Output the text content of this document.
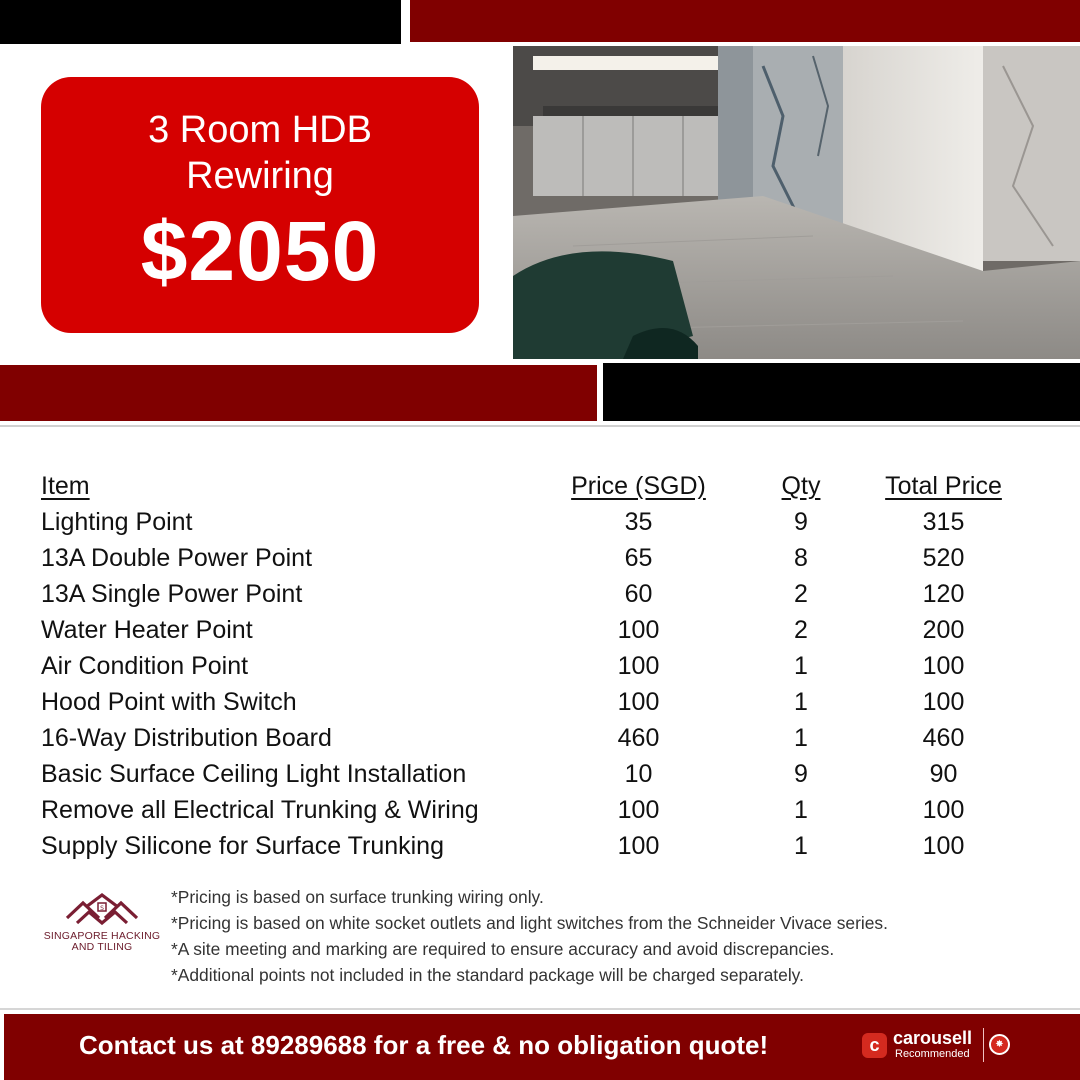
3 Room HDB Rewiring
$2050
Item	Price (SGD)	Qty	Total Price
Lighting Point	35	9	315
13A Double Power Point	65	8	520
13A Single Power Point	60	2	120
Water Heater Point	100	2	200
Air Condition Point	100	1	100
Hood Point with Switch	100	1	100
16-Way Distribution Board	460	1	460
Basic Surface Ceiling Light Installation	10	9	90
Remove all Electrical Trunking & Wiring	100	1	100
Supply Silicone for Surface Trunking	100	1	100
S
SINGAPORE HACKING
AND TILING
*Pricing is based on surface trunking wiring only.
*Pricing is based on white socket outlets and light switches from the Schneider Vivace series.
*A site meeting and marking are required to ensure accuracy and avoid discrepancies.
*Additional points not included in the standard package will be charged separately.
Contact us at 89289688 for a free & no obligation quote!	c carousell
Recommended
✸
